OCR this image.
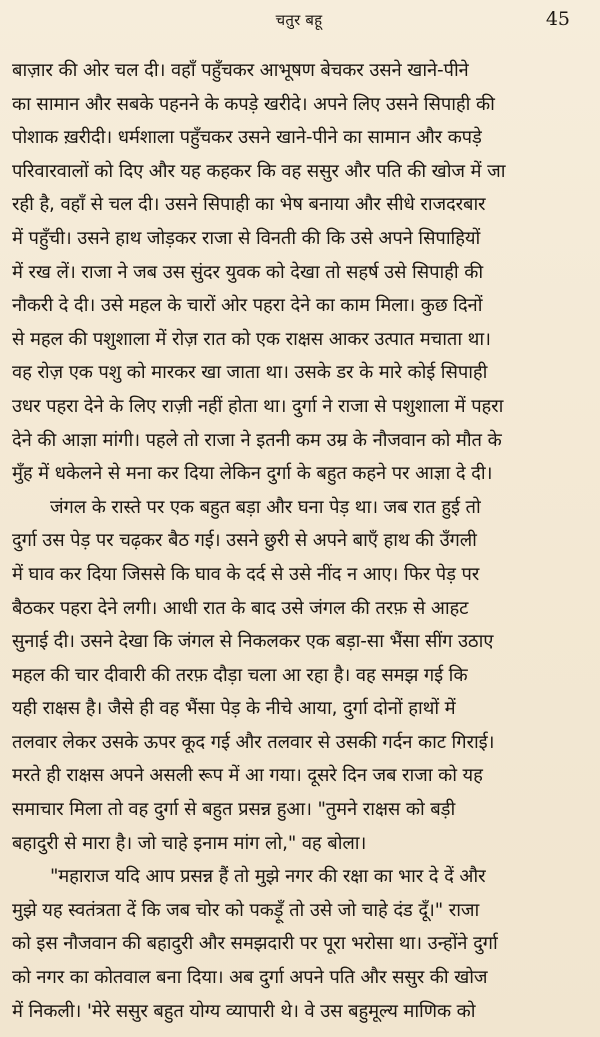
चतुर बहू	45

बाज़ार की ओर चल दी। वहाँ पहुँचकर आभूषण बेचकर उसने खाने-पीने
का सामान और सबके पहनने के कपड़े खरीदे। अपने लिए उसने सिपाही की
पोशाक ख़रीदी। धर्मशाला पहुँचकर उसने खाने-पीने का सामान और कपड़े
परिवारवालों को दिए और यह कहकर कि वह ससुर और पति की खोज में जा
रही है, वहाँ से चल दी। उसने सिपाही का भेष बनाया और सीधे राजदरबार
में पहुँची। उसने हाथ जोड़कर राजा से विनती की कि उसे अपने सिपाहियों
में रख लें। राजा ने जब उस सुंदर युवक को देखा तो सहर्ष उसे सिपाही की
नौकरी दे दी। उसे महल के चारों ओर पहरा देने का काम मिला। कुछ दिनों
से महल की पशुशाला में रोज़ रात को एक राक्षस आकर उत्पात मचाता था।
वह रोज़ एक पशु को मारकर खा जाता था। उसके डर के मारे कोई सिपाही
उधर पहरा देने के लिए राज़ी नहीं होता था। दुर्गा ने राजा से पशुशाला में पहरा
देने की आज्ञा मांगी। पहले तो राजा ने इतनी कम उम्र के नौजवान को मौत के
मुँह में धकेलने से मना कर दिया लेकिन दुर्गा के बहुत कहने पर आज्ञा दे दी।

जंगल के रास्ते पर एक बहुत बड़ा और घना पेड़ था। जब रात हुई तो
दुर्गा उस पेड़ पर चढ़कर बैठ गई। उसने छुरी से अपने बाएँ हाथ की उँगली
में घाव कर दिया जिससे कि घाव के दर्द से उसे नींद न आए। फिर पेड़ पर
बैठकर पहरा देने लगी। आधी रात के बाद उसे जंगल की तरफ़ से आहट
सुनाई दी। उसने देखा कि जंगल से निकलकर एक बड़ा-सा भैंसा सींग उठाए
महल की चार दीवारी की तरफ़ दौड़ा चला आ रहा है। वह समझ गई कि
यही राक्षस है। जैसे ही वह भैंसा पेड़ के नीचे आया, दुर्गा दोनों हाथों में
तलवार लेकर उसके ऊपर कूद गई और तलवार से उसकी गर्दन काट गिराई।
मरते ही राक्षस अपने असली रूप में आ गया। दूसरे दिन जब राजा को यह
समाचार मिला तो वह दुर्गा से बहुत प्रसन्न हुआ। "तुमने राक्षस को बड़ी
बहादुरी से मारा है। जो चाहे इनाम मांग लो," वह बोला।

"महाराज यदि आप प्रसन्न हैं तो मुझे नगर की रक्षा का भार दे दें और
मुझे यह स्वतंत्रता दें कि जब चोर को पकड़ूँ तो उसे जो चाहे दंड दूँ।" राजा
को इस नौजवान की बहादुरी और समझदारी पर पूरा भरोसा था। उन्होंने दुर्गा
को नगर का कोतवाल बना दिया। अब दुर्गा अपने पति और ससुर की खोज
में निकली। 'मेरे ससुर बहुत योग्य व्यापारी थे। वे उस बहुमूल्य माणिक को
